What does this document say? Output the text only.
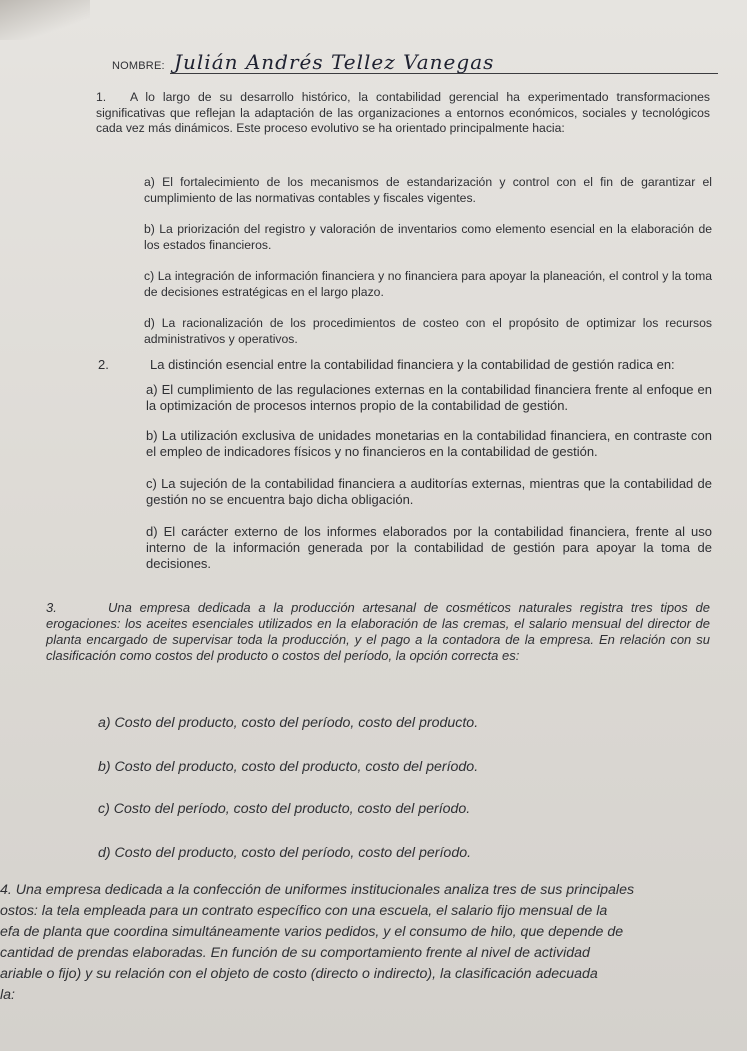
NOMBRE: Julián Andrés Tellez Vanegas
1. A lo largo de su desarrollo histórico, la contabilidad gerencial ha experimentado transformaciones significativas que reflejan la adaptación de las organizaciones a entornos económicos, sociales y tecnológicos cada vez más dinámicos. Este proceso evolutivo se ha orientado principalmente hacia:
a) El fortalecimiento de los mecanismos de estandarización y control con el fin de garantizar el cumplimiento de las normativas contables y fiscales vigentes.
b) La priorización del registro y valoración de inventarios como elemento esencial en la elaboración de los estados financieros.
c) La integración de información financiera y no financiera para apoyar la planeación, el control y la toma de decisiones estratégicas en el largo plazo.
d) La racionalización de los procedimientos de costeo con el propósito de optimizar los recursos administrativos y operativos.
2.	La distinción esencial entre la contabilidad financiera y la contabilidad de gestión radica en:
a) El cumplimiento de las regulaciones externas en la contabilidad financiera frente al enfoque en la optimización de procesos internos propio de la contabilidad de gestión.
b) La utilización exclusiva de unidades monetarias en la contabilidad financiera, en contraste con el empleo de indicadores físicos y no financieros en la contabilidad de gestión.
c) La sujeción de la contabilidad financiera a auditorías externas, mientras que la contabilidad de gestión no se encuentra bajo dicha obligación.
d) El carácter externo de los informes elaborados por la contabilidad financiera, frente al uso interno de la información generada por la contabilidad de gestión para apoyar la toma de decisiones.
3.	Una empresa dedicada a la producción artesanal de cosméticos naturales registra tres tipos de erogaciones: los aceites esenciales utilizados en la elaboración de las cremas, el salario mensual del director de planta encargado de supervisar toda la producción, y el pago a la contadora de la empresa. En relación con su clasificación como costos del producto o costos del período, la opción correcta es:
a) Costo del producto, costo del período, costo del producto.
b) Costo del producto, costo del producto, costo del período.
c) Costo del período, costo del producto, costo del período.
d) Costo del producto, costo del período, costo del período.
4. Una empresa dedicada a la confección de uniformes institucionales analiza tres de sus principales
ostos: la tela empleada para un contrato específico con una escuela, el salario fijo mensual de la
efa de planta que coordina simultáneamente varios pedidos, y el consumo de hilo, que depende de
cantidad de prendas elaboradas. En función de su comportamiento frente al nivel de actividad
ariable o fijo) y su relación con el objeto de costo (directo o indirecto), la clasificación adecuada
la:
